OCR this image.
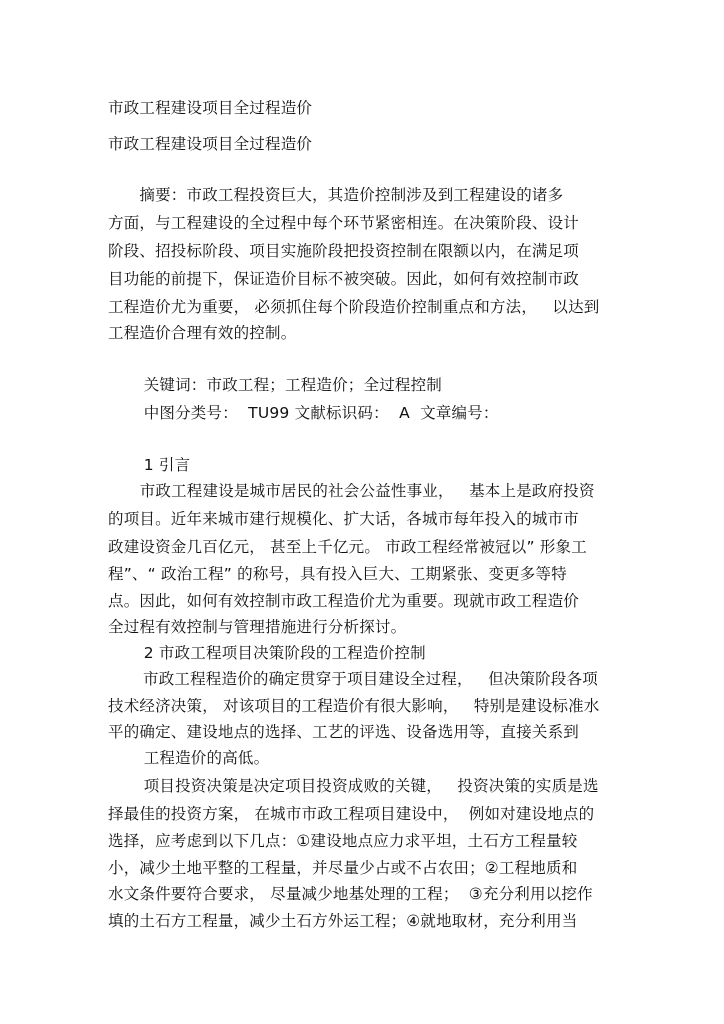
市政工程建设项目全过程造价
市政工程建设项目全过程造价
　　摘要：市政工程投资巨大，其造价控制涉及到工程建设的诸多
方面，与工程建设的全过程中每个环节紧密相连。在决策阶段、设计
阶段、招投标阶段、项目实施阶段把投资控制在限额以内，在满足项
目功能的前提下，保证造价目标不被突破。因此，如何有效控制市政
工程造价尤为重要， 必须抓住每个阶段造价控制重点和方法，   以达到
工程造价合理有效的控制。
　关键词：市政工程；工程造价；全过程控制
　中图分类号：  TU99 文献标识码：  A  文章编号：
　1 引言
　市政工程建设是城市居民的社会公益性事业，   基本上是政府投资
的项目。近年来城市建行规模化、扩大话，各城市每年投入的城市市
政建设资金几百亿元， 甚至上千亿元。 市政工程经常被冠以” 形象工
程”、“ 政治工程” 的称号，具有投入巨大、工期紧张、变更多等特
点。因此，如何有效控制市政工程造价尤为重要。现就市政工程造价
全过程有效控制与管理措施进行分析探讨。
　2 市政工程项目决策阶段的工程造价控制
市政工程程造价的确定贯穿于项目建设全过程，   但决策阶段各项
技术经济决策， 对该项目的工程造价有很大影响，   特别是建设标准水
平的确定、建设地点的选择、工艺的评选、设备选用等，直接关系到
　工程造价的高低。
　项目投资决策是决定项目投资成败的关键，   投资决策的实质是选
择最佳的投资方案， 在城市市政工程项目建设中，  例如对建设地点的
选择，应考虑到以下几点：①建设地点应力求平坦，土石方工程量较
小，减少土地平整的工程量，并尽量少占或不占农田；②工程地质和
水文条件要符合要求， 尽量减少地基处理的工程；  ③充分利用以挖作
填的土石方工程量，减少土石方外运工程；④就地取材，充分利用当
